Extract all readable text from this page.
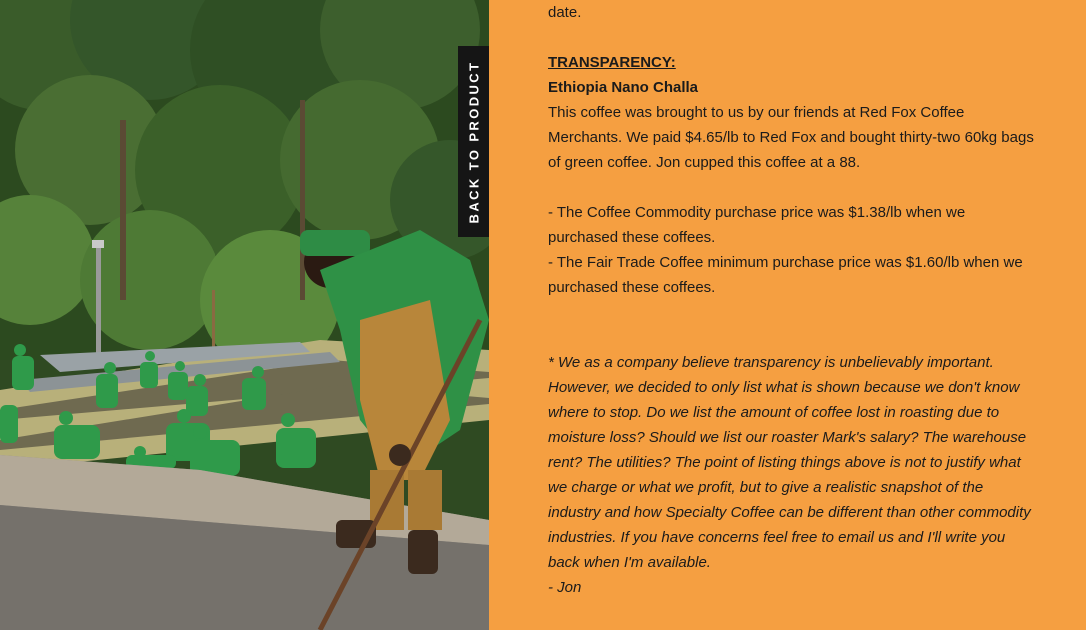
BACK TO PRODUCT

date.

TRANSPARENCY:

Ethiopia Nano Challa

This coffee was brought to us by our friends at Red Fox Coffee Merchants. We paid $4.65/lb to Red Fox and bought thirty-two 60kg bags of green coffee. Jon cupped this coffee at a 88.

- The Coffee Commodity purchase price was $1.38/lb when we purchased these coffees.

- The Fair Trade Coffee minimum purchase price was $1.60/lb when we purchased these coffees.

* We as a company believe transparency is unbelievably important. However, we decided to only list what is shown because we don't know where to stop. Do we list the amount of coffee lost in roasting due to moisture loss? Should we list our roaster Mark's salary? The warehouse rent? The utilities? The point of listing things above is not to justify what we charge or what we profit, but to give a realistic snapshot of the industry and how Specialty Coffee can be different than other commodity industries. If you have concerns feel free to email us and I'll write you back when I'm available.

- Jon
